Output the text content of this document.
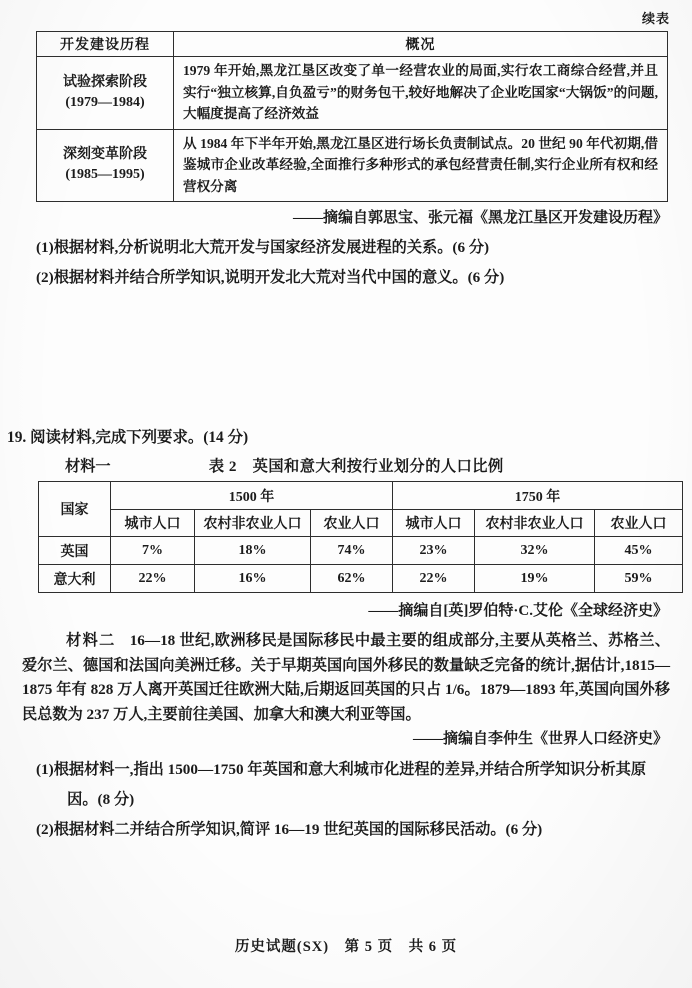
续表
开发建设历程	概况

试验探索阶段
(1979—1984)	1979 年开始,黑龙江垦区改变了单一经营农业的局面,实行农工商综合经营,并且实行“独立核算,自负盈亏”的财务包干,较好地解决了企业吃国家“大锅饭”的问题,大幅度提高了经济效益

深刻变革阶段
(1985—1995)	从 1984 年下半年开始,黑龙江垦区进行场长负责制试点。20 世纪 90 年代初期,借鉴城市企业改革经验,全面推行多种形式的承包经营责任制,实行企业所有权和经营权分离
——摘编自郭思宝、张元福《黑龙江垦区开发建设历程》
(1)根据材料,分析说明北大荒开发与国家经济发展进程的关系。(6 分)
(2)根据材料并结合所学知识,说明开发北大荒对当代中国的意义。(6 分)
19. 阅读材料,完成下列要求。(14 分)
材料一	表 2　英国和意大利按行业划分的人口比例
国家	1500 年			1750 年		
	城市人口	农村非农业人口	农业人口	城市人口	农村非农业人口	农业人口
英国	7%	18%	74%	23%	32%	45%
意大利	22%	16%	62%	22%	19%	59%
——摘编自[英]罗伯特·C.艾伦《全球经济史》
材料二 16—18 世纪,欧洲移民是国际移民中最主要的组成部分,主要从英格兰、苏格兰、爱尔兰、德国和法国向美洲迁移。关于早期英国向国外移民的数量缺乏完备的统计,据估计,1815—1875 年有 828 万人离开英国迁往欧洲大陆,后期返回英国的只占 1/6。1879—1893 年,英国向国外移民总数为 237 万人,主要前往美国、加拿大和澳大利亚等国。
——摘编自李仲生《世界人口经济史》
(1)根据材料一,指出 1500—1750 年英国和意大利城市化进程的差异,并结合所学知识分析其原因。(8 分)
(2)根据材料二并结合所学知识,简评 16—19 世纪英国的国际移民活动。(6 分)
历史试题(SX)　第 5 页　共 6 页
